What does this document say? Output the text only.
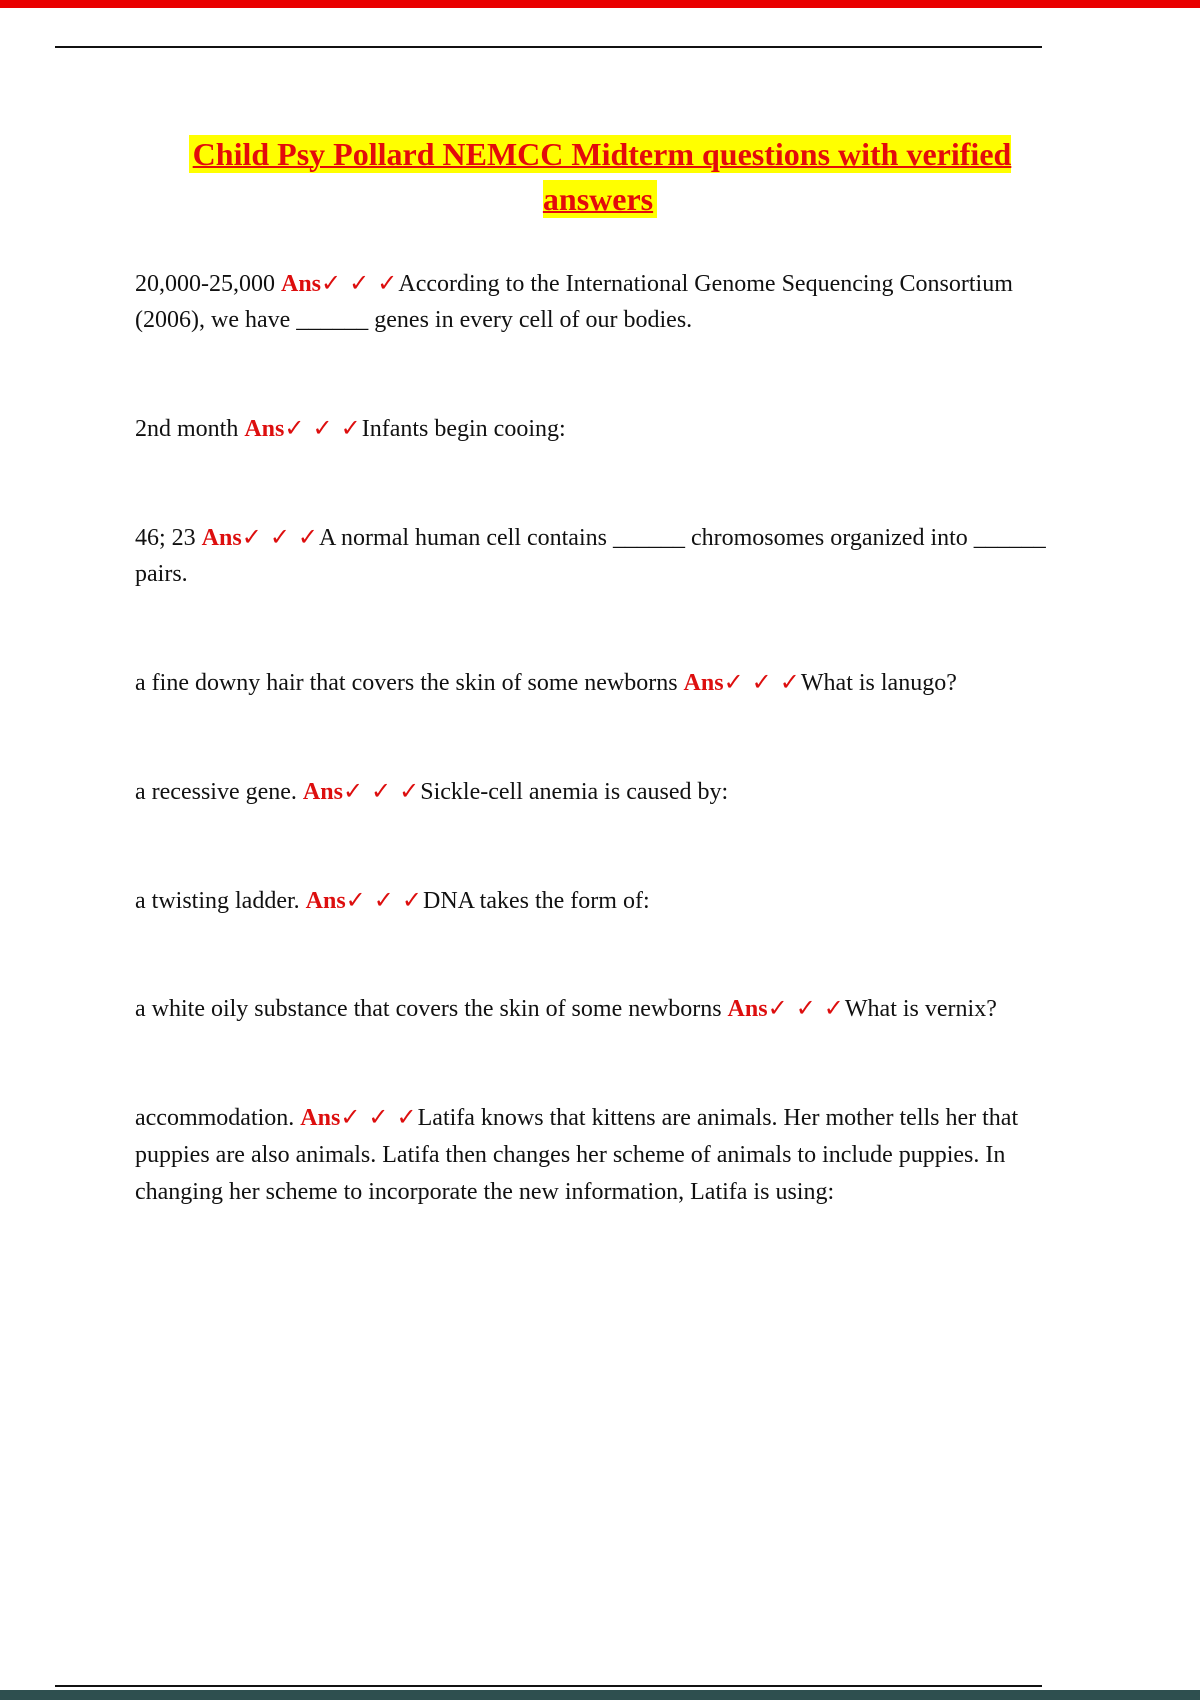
Child Psy Pollard NEMCC Midterm questions with verified answers

20,000-25,000 Ans✓ ✓ ✓According to the International Genome Sequencing Consortium (2006), we have ______ genes in every cell of our bodies.

2nd month Ans✓ ✓ ✓Infants begin cooing:

46; 23 Ans✓ ✓ ✓A normal human cell contains ______ chromosomes organized into ______ pairs.

a fine downy hair that covers the skin of some newborns Ans✓ ✓ ✓What is lanugo?

a recessive gene. Ans✓ ✓ ✓Sickle-cell anemia is caused by:

a twisting ladder. Ans✓ ✓ ✓DNA takes the form of:

a white oily substance that covers the skin of some newborns Ans✓ ✓ ✓What is vernix?

accommodation. Ans✓ ✓ ✓Latifa knows that kittens are animals. Her mother tells her that puppies are also animals. Latifa then changes her scheme of animals to include puppies. In changing her scheme to incorporate the new information, Latifa is using:
